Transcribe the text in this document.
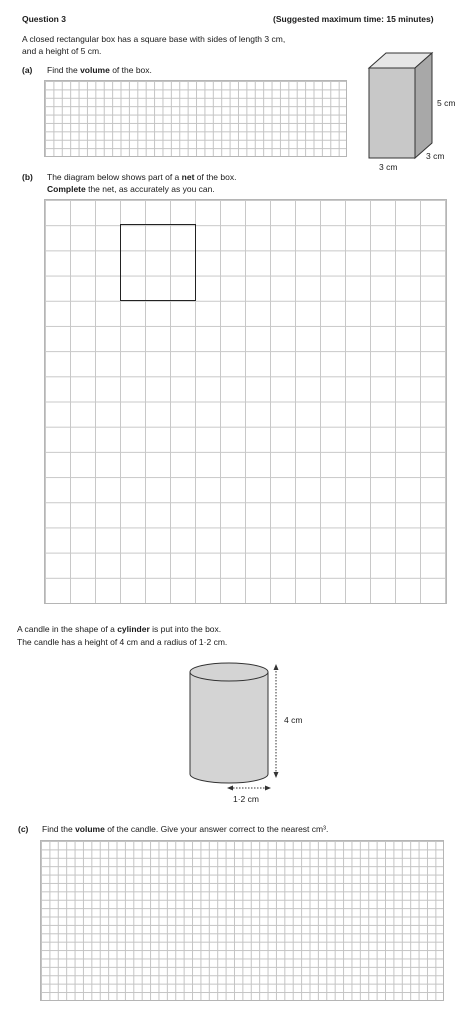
Question 3	(Suggested maximum time: 15 minutes)
A closed rectangular box has a square base with sides of length 3 cm,
and a height of 5 cm.
(a) Find the volume of the box.
5 cm
3 cm
3 cm
(b) The diagram below shows part of a net of the box.
Complete the net, as accurately as you can.
A candle in the shape of a cylinder is put into the box.
The candle has a height of 4 cm and a radius of 1·2 cm.
4 cm
1·2 cm
(c) Find the volume of the candle. Give your answer correct to the nearest cm³.
